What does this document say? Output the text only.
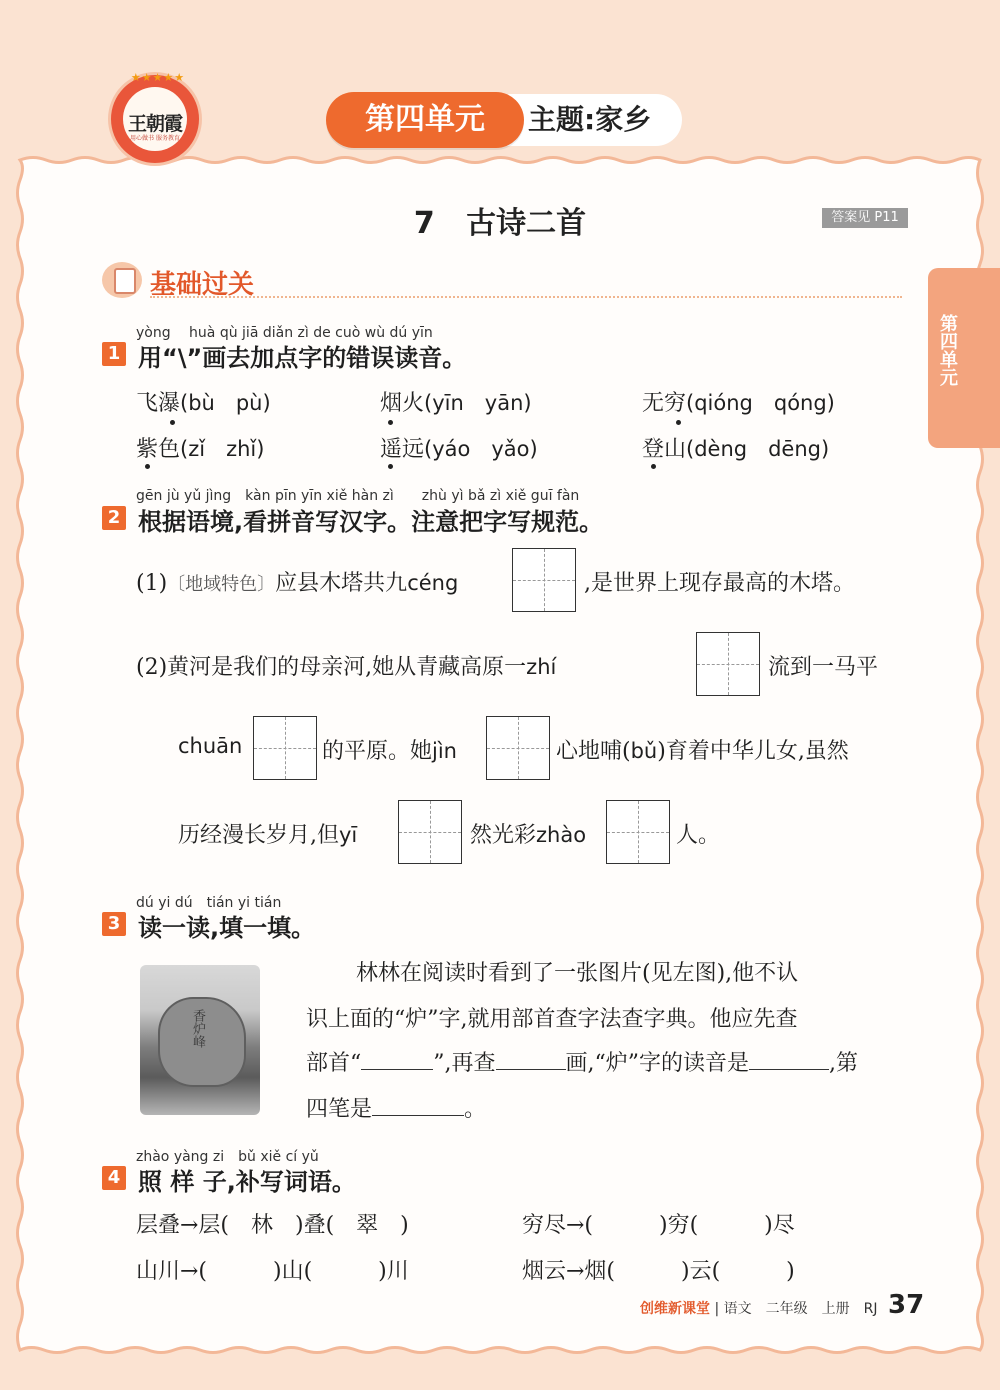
★★★★★
王朝霞
用心做书 服务教育
主题:家乡
第四单元
7 古诗二首	答案见 P11
第四单元
基础过关
yòng　 huà qù jiā diǎn zì de cuò wù dú yīn
1 用“\”画去加点字的错误读音。
飞瀑(bù　pù)	烟火(yīn　yān)	无穷(qióng　qóng)
紫色(zǐ　zhǐ)	遥远(yáo　yǎo)	登山(dèng　dēng)
gēn jù yǔ jìng　kàn pīn yīn xiě hàn zì　　zhù yì bǎ zì xiě guī fàn
2 根据语境,看拼音写汉字。注意把字写规范。
(1)〔地域特色〕应县木塔共九céng	,是世界上现存最高的木塔。
(2)黄河是我们的母亲河,她从青藏高原一zhí	流到一马平
chuān	的平原。她jìn	心地哺(bǔ)育着中华儿女,虽然
历经漫长岁月,但yī	然光彩zhào	人。
dú yi dú　tián yi tián
3 读一读,填一填。
香炉峰
林林在阅读时看到了一张图片(见左图),他不认
识上面的“炉”字,就用部首查字法查字典。他应先查
部首“	”,再查	画,“炉”字的读音是	,第
四笔是	。
zhào yàng zi　bǔ xiě cí yǔ
4 照 样 子,补写词语。
层叠→层(　林　)叠(　翠　)	穷尽→(　　　)穷(　　　)尽
山川→(　　　)山(　　　)川	烟云→烟(　　　)云(　　　)
创维新课堂 | 语文　二年级　上册　RJ 37
